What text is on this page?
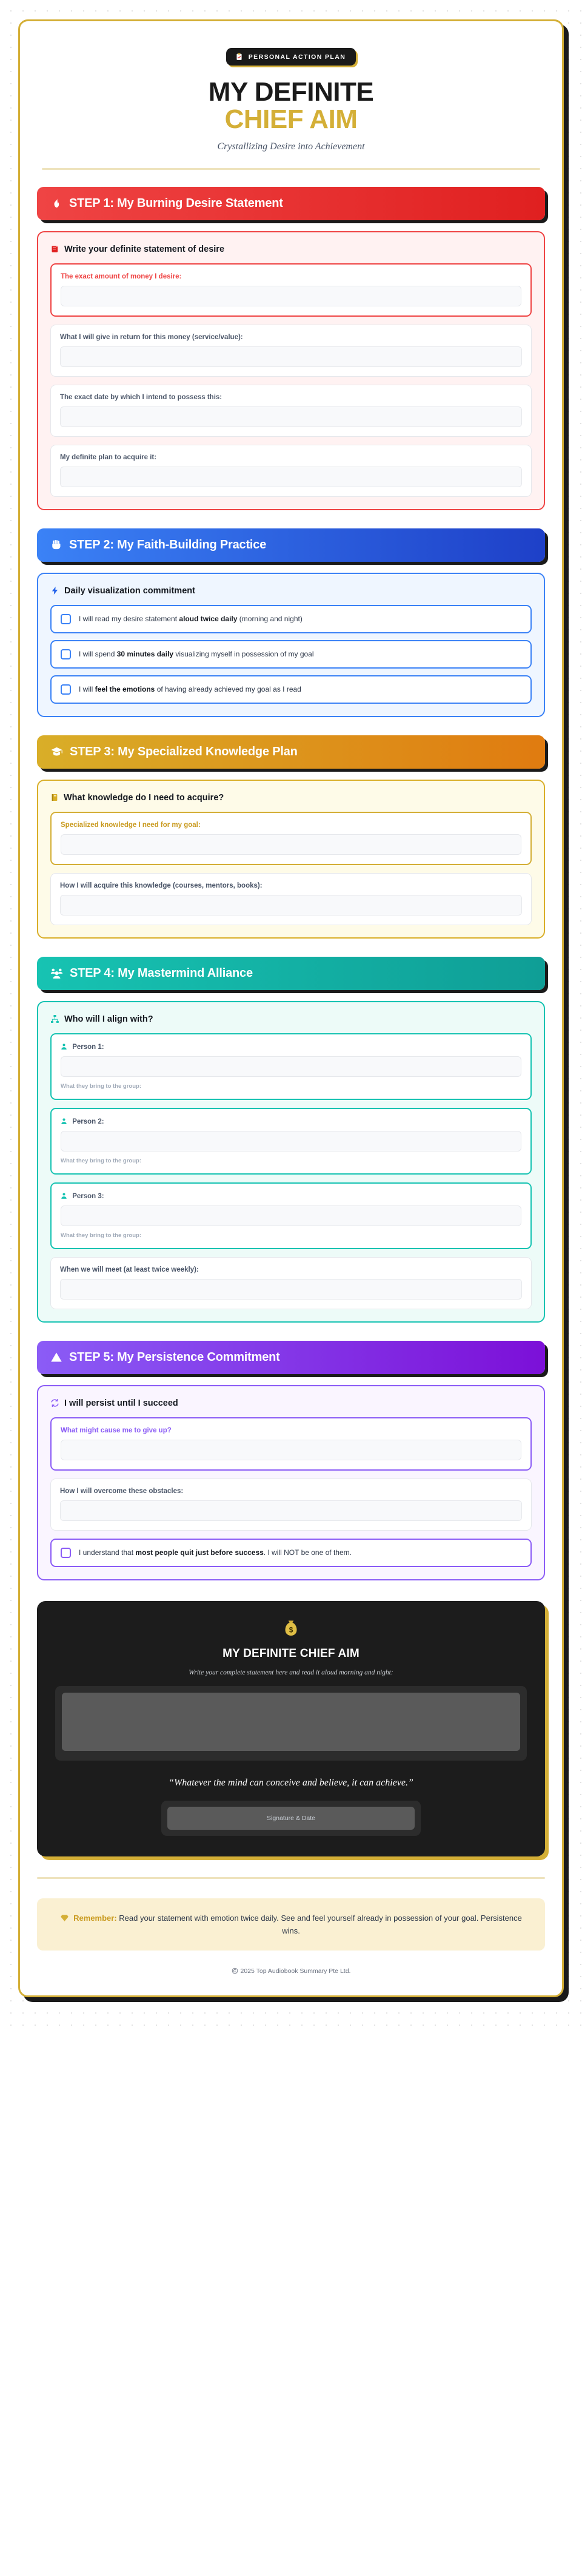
PERSONAL ACTION PLAN
MY DEFINITE
CHIEF AIM
Crystallizing Desire into Achievement
STEP 1: My Burning Desire Statement
Write your definite statement of desire
The exact amount of money I desire:
What I will give in return for this money (service/value):
The exact date by which I intend to possess this:
My definite plan to acquire it:
STEP 2: My Faith-Building Practice
Daily visualization commitment
I will read my desire statement aloud twice daily (morning and night)
I will spend 30 minutes daily visualizing myself in possession of my goal
I will feel the emotions of having already achieved my goal as I read
STEP 3: My Specialized Knowledge Plan
What knowledge do I need to acquire?
Specialized knowledge I need for my goal:
How I will acquire this knowledge (courses, mentors, books):
STEP 4: My Mastermind Alliance
Who will I align with?
Person 1:
What they bring to the group:
Person 2:
What they bring to the group:
Person 3:
What they bring to the group:
When we will meet (at least twice weekly):
STEP 5: My Persistence Commitment
I will persist until I succeed
What might cause me to give up?
How I will overcome these obstacles:
I understand that most people quit just before success. I will NOT be one of them.
$
MY DEFINITE CHIEF AIM
Write your complete statement here and read it aloud morning and night:
“Whatever the mind can conceive and believe, it can achieve.”
Signature & Date
Remember: Read your statement with emotion twice daily. See and feel yourself already in possession of your goal. Persistence wins.
2025 Top Audiobook Summary Pte Ltd.
